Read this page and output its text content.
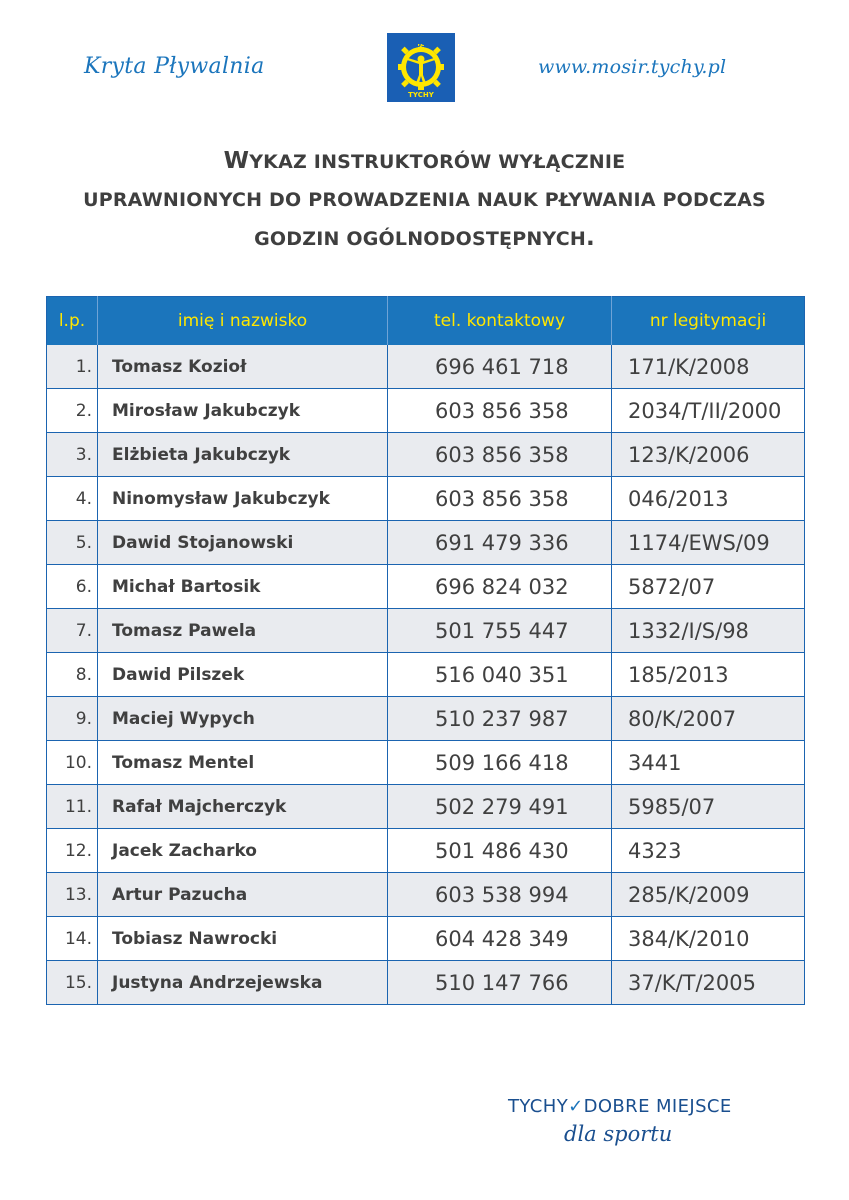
Kryta Pływalnia
MOSiR
TYCHY
www.mosir.tychy.pl
WYKAZ INSTRUKTORÓW WYŁĄCZNIE
UPRAWNIONYCH DO PROWADZENIA NAUK PŁYWANIA PODCZAS
GODZIN OGÓLNODOSTĘPNYCH.
l.p.	imię i nazwisko	tel. kontaktowy	nr legitymacji
1.	Tomasz Kozioł	696 461 718	171/K/2008
2.	Mirosław Jakubczyk	603 856 358	2034/T/II/2000
3.	Elżbieta Jakubczyk	603 856 358	123/K/2006
4.	Ninomysław Jakubczyk	603 856 358	046/2013
5.	Dawid Stojanowski	691 479 336	1174/EWS/09
6.	Michał Bartosik	696 824 032	5872/07
7.	Tomasz Pawela	501 755 447	1332/I/S/98
8.	Dawid Pilszek	516 040 351	185/2013
9.	Maciej Wypych	510 237 987	80/K/2007
10.	Tomasz Mentel	509 166 418	3441
11.	Rafał Majcherczyk	502 279 491	5985/07
12.	Jacek Zacharko	501 486 430	4323
13.	Artur Pazucha	603 538 994	285/K/2009
14.	Tobiasz Nawrocki	604 428 349	384/K/2010
15.	Justyna Andrzejewska	510 147 766	37/K/T/2005
TYCHY✓DOBRE MIEJSCE
dla sportu
